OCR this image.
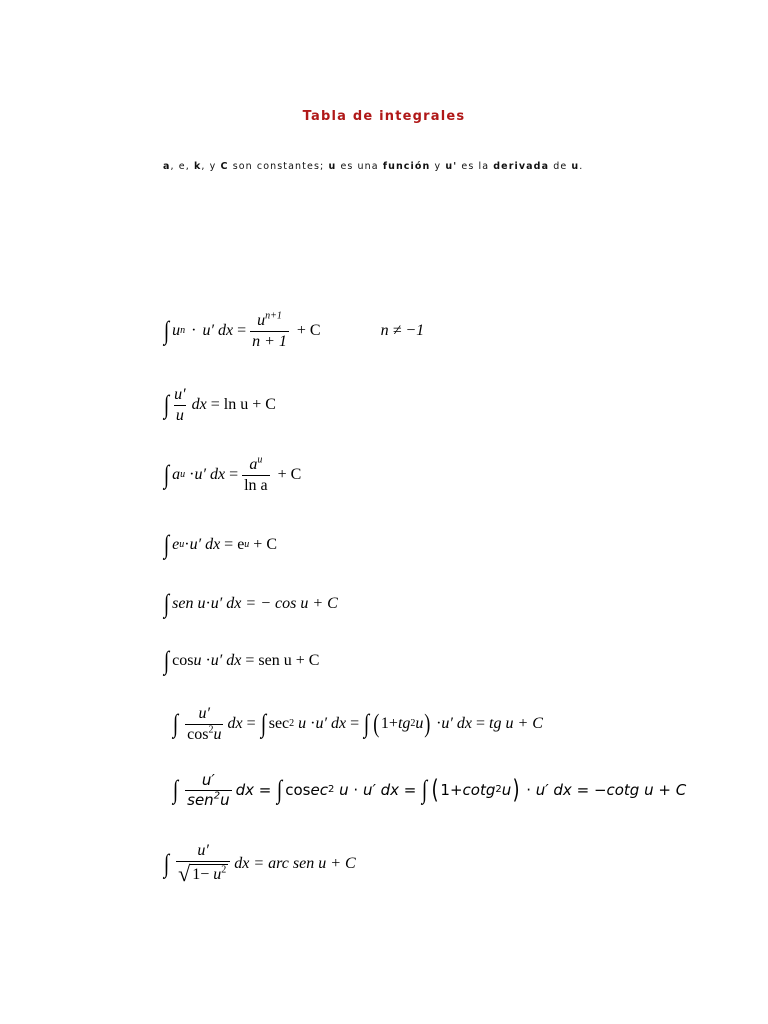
Tabla de integrales
a, e, k, y C son constantes; u es una función y u' es la derivada de u.
∫ u n · u′ dx = $\frac{u^{n+1}}{n + 1} + C$	n ≠ −1
∫ $\frac{u'}{u}$ dx
= ln u + C
∫ a u · u′ dx = $\frac{a^u}{\text{ln a}}$
+ C
∫ e u · u′ dx
= e u
+ C
∫ sen u · u′ dx
= − cos u + C
∫ cos u · u′ dx
= sen u + C
∫ $\frac{u'}{\cos^2u}$ dx = ∫ sec 2
u · u′ dx = ∫ ( 1+ tg 2 u ) · u′ dx = tg u + C
∫ $\frac{u'}{sen^2u}$ dx = ∫ cos ec 2
u · u′ dx = ∫ ( 1+ cotg 2 u ) · u′ dx = −cotg u + C
∫ $\frac{u'}{√ 1- u^2}$ dx
= arc sen u + C
